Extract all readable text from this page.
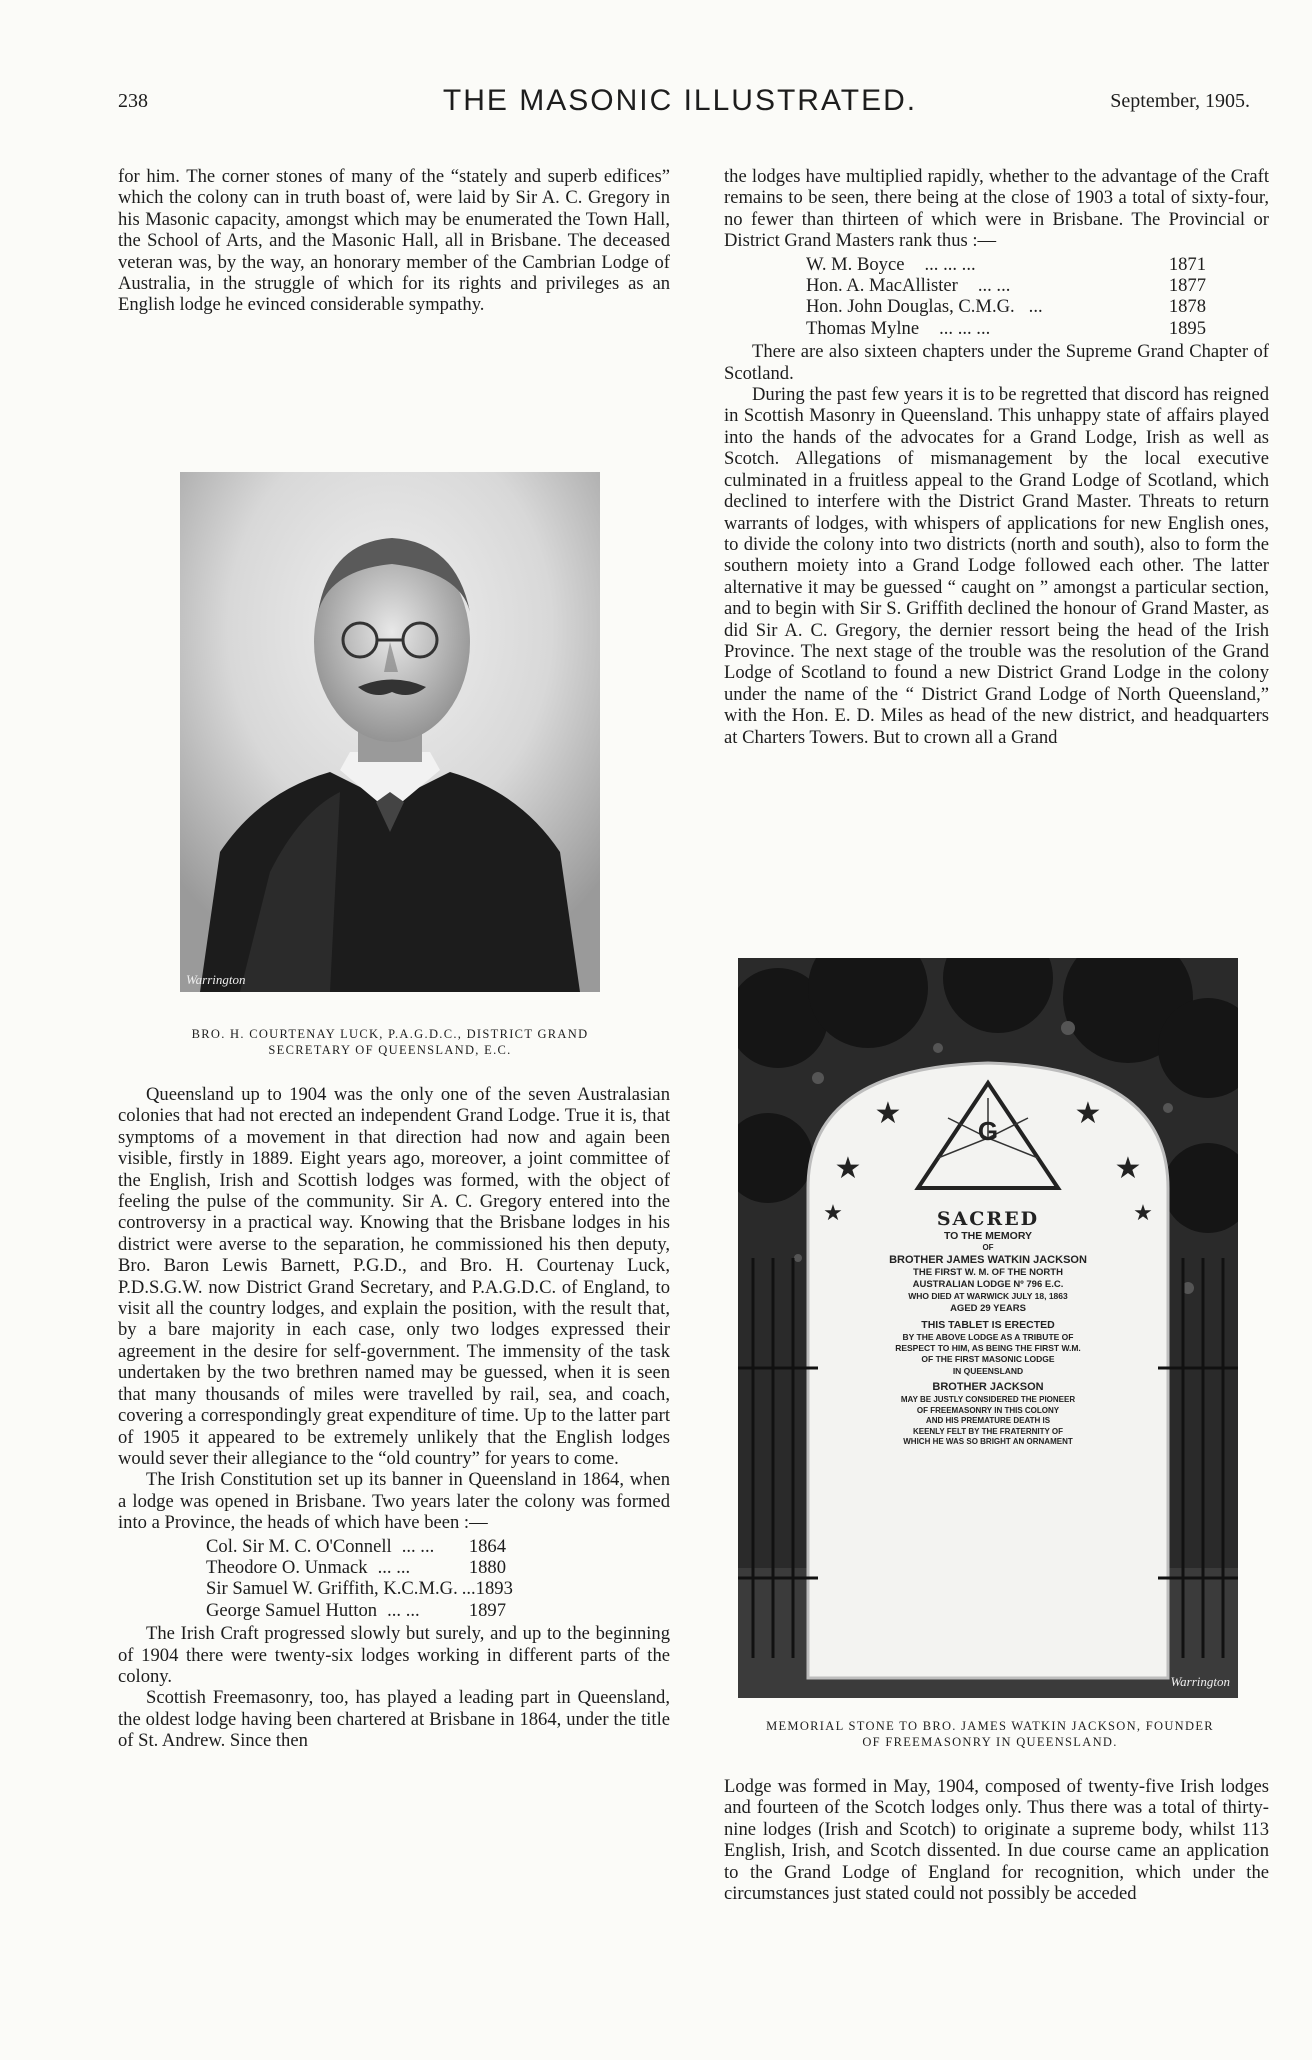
238	THE MASONIC ILLUSTRATED.	September, 1905.

for him. The corner stones of many of the “stately and superb edifices” which the colony can in truth boast of, were laid by Sir A. C. Gregory in his Masonic capacity, amongst which may be enumerated the Town Hall, the School of Arts, and the Masonic Hall, all in Brisbane. The deceased veteran was, by the way, an honorary member of the Cambrian Lodge of Australia, in the struggle of which for its rights and privileges as an English lodge he evinced considerable sympathy.

Warrington
BRO. H. COURTENAY LUCK, P.A.G.D.C., DISTRICT GRAND SECRETARY OF QUEENSLAND, E.C.

Queensland up to 1904 was the only one of the seven Australasian colonies that had not erected an independent Grand Lodge. True it is, that symptoms of a movement in that direction had now and again been visible, firstly in 1889. Eight years ago, moreover, a joint committee of the English, Irish and Scottish lodges was formed, with the object of feeling the pulse of the community. Sir A. C. Gregory entered into the controversy in a practical way. Knowing that the Brisbane lodges in his district were averse to the separation, he commissioned his then deputy, Bro. Baron Lewis Barnett, P.G.D., and Bro. H. Courtenay Luck, P.D.S.G.W. now District Grand Secretary, and P.A.G.D.C. of England, to visit all the country lodges, and explain the position, with the result that, by a bare majority in each case, only two lodges expressed their agreement in the desire for self-government. The immensity of the task undertaken by the two brethren named may be guessed, when it is seen that many thousands of miles were travelled by rail, sea, and coach, covering a correspondingly great expenditure of time. Up to the latter part of 1905 it appeared to be extremely unlikely that the English lodges would sever their allegiance to the “old country” for years to come.

The Irish Constitution set up its banner in Queensland in 1864, when a lodge was opened in Brisbane. Two years later the colony was formed into a Province, the heads of which have been :—

Col. Sir M. C. O'Connell ... ... 1864
Theodore O. Unmack ... ...	1880
Sir Samuel W. Griffith, K.C.M.G. ... 1893
George Samuel Hutton ... ...	1897

The Irish Craft progressed slowly but surely, and up to the beginning of 1904 there were twenty-six lodges working in different parts of the colony.

Scottish Freemasonry, too, has played a leading part in Queensland, the oldest lodge having been chartered at Brisbane in 1864, under the title of St. Andrew. Since then

the lodges have multiplied rapidly, whether to the advantage of the Craft remains to be seen, there being at the close of 1903 a total of sixty-four, no fewer than thirteen of which were in Brisbane. The Provincial or District Grand Masters rank thus :—

W. M. Boyce ... ... ...	1871
Hon. A. MacAllister ... ...	1877
Hon. John Douglas, C.M.G. ...	1878
Thomas Mylne ... ... ...	1895

There are also sixteen chapters under the Supreme Grand Chapter of Scotland.

During the past few years it is to be regretted that discord has reigned in Scottish Masonry in Queensland. This unhappy state of affairs played into the hands of the advocates for a Grand Lodge, Irish as well as Scotch. Allegations of mismanagement by the local executive culminated in a fruitless appeal to the Grand Lodge of Scotland, which declined to interfere with the District Grand Master. Threats to return warrants of lodges, with whispers of applications for new English ones, to divide the colony into two districts (north and south), also to form the southern moiety into a Grand Lodge followed each other. The latter alternative it may be guessed “ caught on ” amongst a particular section, and to begin with Sir S. Griffith declined the honour of Grand Master, as did Sir A. C. Gregory, the dernier ressort being the head of the Irish Province. The next stage of the trouble was the resolution of the Grand Lodge of Scotland to found a new District Grand Lodge in the colony under the name of the “ District Grand Lodge of North Queensland,” with the Hon. E. D. Miles as head of the new district, and headquarters at Charters Towers. But to crown all a Grand

★
★	★
★
★	★
G
SACRED
TO THE MEMORY
OF
BROTHER JAMES WATKIN JACKSON
THE FIRST W. M. OF THE NORTH
AUSTRALIAN LODGE Nº 796 E.C.
WHO DIED AT WARWICK JULY 18, 1863
AGED 29 YEARS
THIS TABLET IS ERECTED
BY THE ABOVE LODGE AS A TRIBUTE OF
RESPECT TO HIM, AS BEING THE FIRST W.M.
OF THE FIRST MASONIC LODGE
IN QUEENSLAND
BROTHER JACKSON
MAY BE JUSTLY CONSIDERED THE PIONEER
OF FREEMASONRY IN THIS COLONY
AND HIS PREMATURE DEATH IS
KEENLY FELT BY THE FRATERNITY OF
WHICH HE WAS SO BRIGHT AN ORNAMENT
Warrington
MEMORIAL STONE TO BRO. JAMES WATKIN JACKSON, FOUNDER OF FREEMASONRY IN QUEENSLAND.

Lodge was formed in May, 1904, composed of twenty-five Irish lodges and fourteen of the Scotch lodges only. Thus there was a total of thirty-nine lodges (Irish and Scotch) to originate a supreme body, whilst 113 English, Irish, and Scotch dissented. In due course came an application to the Grand Lodge of England for recognition, which under the circumstances just stated could not possibly be acceded
